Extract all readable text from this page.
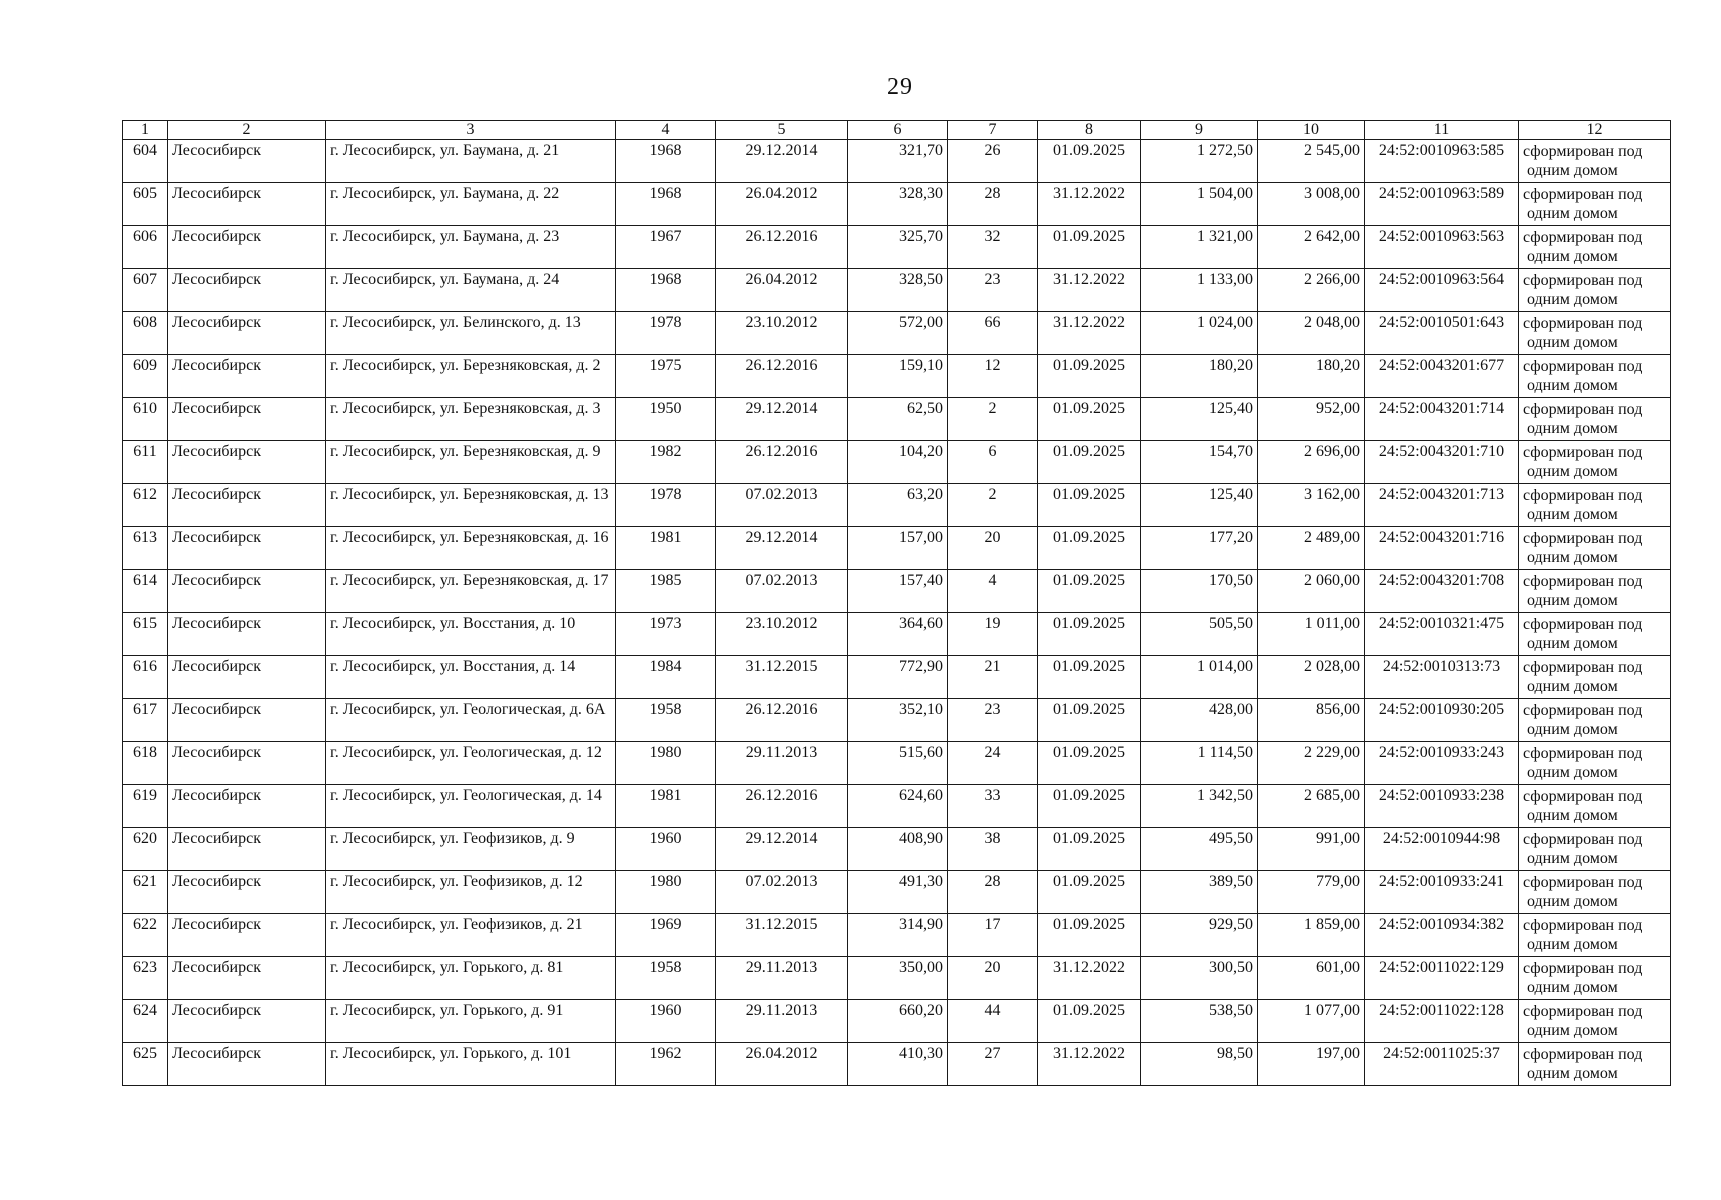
29
1	2	3	4	5	6	7	8	9	10	11	12
604	Лесосибирск	г. Лесосибирск, ул. Баумана, д. 21	1968	29.12.2014	321,70	26	01.09.2025	1 272,50	2 545,00	24:52:0010963:585	сформирован под
одним домом

605	Лесосибирск	г. Лесосибирск, ул. Баумана, д. 22	1968	26.04.2012	328,30	28	31.12.2022	1 504,00	3 008,00	24:52:0010963:589	сформирован под
одним домом

606	Лесосибирск	г. Лесосибирск, ул. Баумана, д. 23	1967	26.12.2016	325,70	32	01.09.2025	1 321,00	2 642,00	24:52:0010963:563	сформирован под
одним домом

607	Лесосибирск	г. Лесосибирск, ул. Баумана, д. 24	1968	26.04.2012	328,50	23	31.12.2022	1 133,00	2 266,00	24:52:0010963:564	сформирован под
одним домом

608	Лесосибирск	г. Лесосибирск, ул. Белинского, д. 13	1978	23.10.2012	572,00	66	31.12.2022	1 024,00	2 048,00	24:52:0010501:643	сформирован под
одним домом

609	Лесосибирск	г. Лесосибирск, ул. Березняковская, д. 2	1975	26.12.2016	159,10	12	01.09.2025	180,20	180,20	24:52:0043201:677	сформирован под
одним домом

610	Лесосибирск	г. Лесосибирск, ул. Березняковская, д. 3	1950	29.12.2014	62,50	2	01.09.2025	125,40	952,00	24:52:0043201:714	сформирован под
одним домом

611	Лесосибирск	г. Лесосибирск, ул. Березняковская, д. 9	1982	26.12.2016	104,20	6	01.09.2025	154,70	2 696,00	24:52:0043201:710	сформирован под
одним домом

612	Лесосибирск	г. Лесосибирск, ул. Березняковская, д. 13	1978	07.02.2013	63,20	2	01.09.2025	125,40	3 162,00	24:52:0043201:713	сформирован под
одним домом

613	Лесосибирск	г. Лесосибирск, ул. Березняковская, д. 16	1981	29.12.2014	157,00	20	01.09.2025	177,20	2 489,00	24:52:0043201:716	сформирован под
одним домом

614	Лесосибирск	г. Лесосибирск, ул. Березняковская, д. 17	1985	07.02.2013	157,40	4	01.09.2025	170,50	2 060,00	24:52:0043201:708	сформирован под
одним домом

615	Лесосибирск	г. Лесосибирск, ул. Восстания, д. 10	1973	23.10.2012	364,60	19	01.09.2025	505,50	1 011,00	24:52:0010321:475	сформирован под
одним домом

616	Лесосибирск	г. Лесосибирск, ул. Восстания, д. 14	1984	31.12.2015	772,90	21	01.09.2025	1 014,00	2 028,00	24:52:0010313:73	сформирован под
одним домом

617	Лесосибирск	г. Лесосибирск, ул. Геологическая, д. 6А	1958	26.12.2016	352,10	23	01.09.2025	428,00	856,00	24:52:0010930:205	сформирован под
одним домом

618	Лесосибирск	г. Лесосибирск, ул. Геологическая, д. 12	1980	29.11.2013	515,60	24	01.09.2025	1 114,50	2 229,00	24:52:0010933:243	сформирован под
одним домом

619	Лесосибирск	г. Лесосибирск, ул. Геологическая, д. 14	1981	26.12.2016	624,60	33	01.09.2025	1 342,50	2 685,00	24:52:0010933:238	сформирован под
одним домом

620	Лесосибирск	г. Лесосибирск, ул. Геофизиков, д. 9	1960	29.12.2014	408,90	38	01.09.2025	495,50	991,00	24:52:0010944:98	сформирован под
одним домом

621	Лесосибирск	г. Лесосибирск, ул. Геофизиков, д. 12	1980	07.02.2013	491,30	28	01.09.2025	389,50	779,00	24:52:0010933:241	сформирован под
одним домом

622	Лесосибирск	г. Лесосибирск, ул. Геофизиков, д. 21	1969	31.12.2015	314,90	17	01.09.2025	929,50	1 859,00	24:52:0010934:382	сформирован под
одним домом

623	Лесосибирск	г. Лесосибирск, ул. Горького, д. 81	1958	29.11.2013	350,00	20	31.12.2022	300,50	601,00	24:52:0011022:129	сформирован под
одним домом

624	Лесосибирск	г. Лесосибирск, ул. Горького, д. 91	1960	29.11.2013	660,20	44	01.09.2025	538,50	1 077,00	24:52:0011022:128	сформирован под
одним домом

625	Лесосибирск	г. Лесосибирск, ул. Горького, д. 101	1962	26.04.2012	410,30	27	31.12.2022	98,50	197,00	24:52:0011025:37	сформирован под
одним домом
